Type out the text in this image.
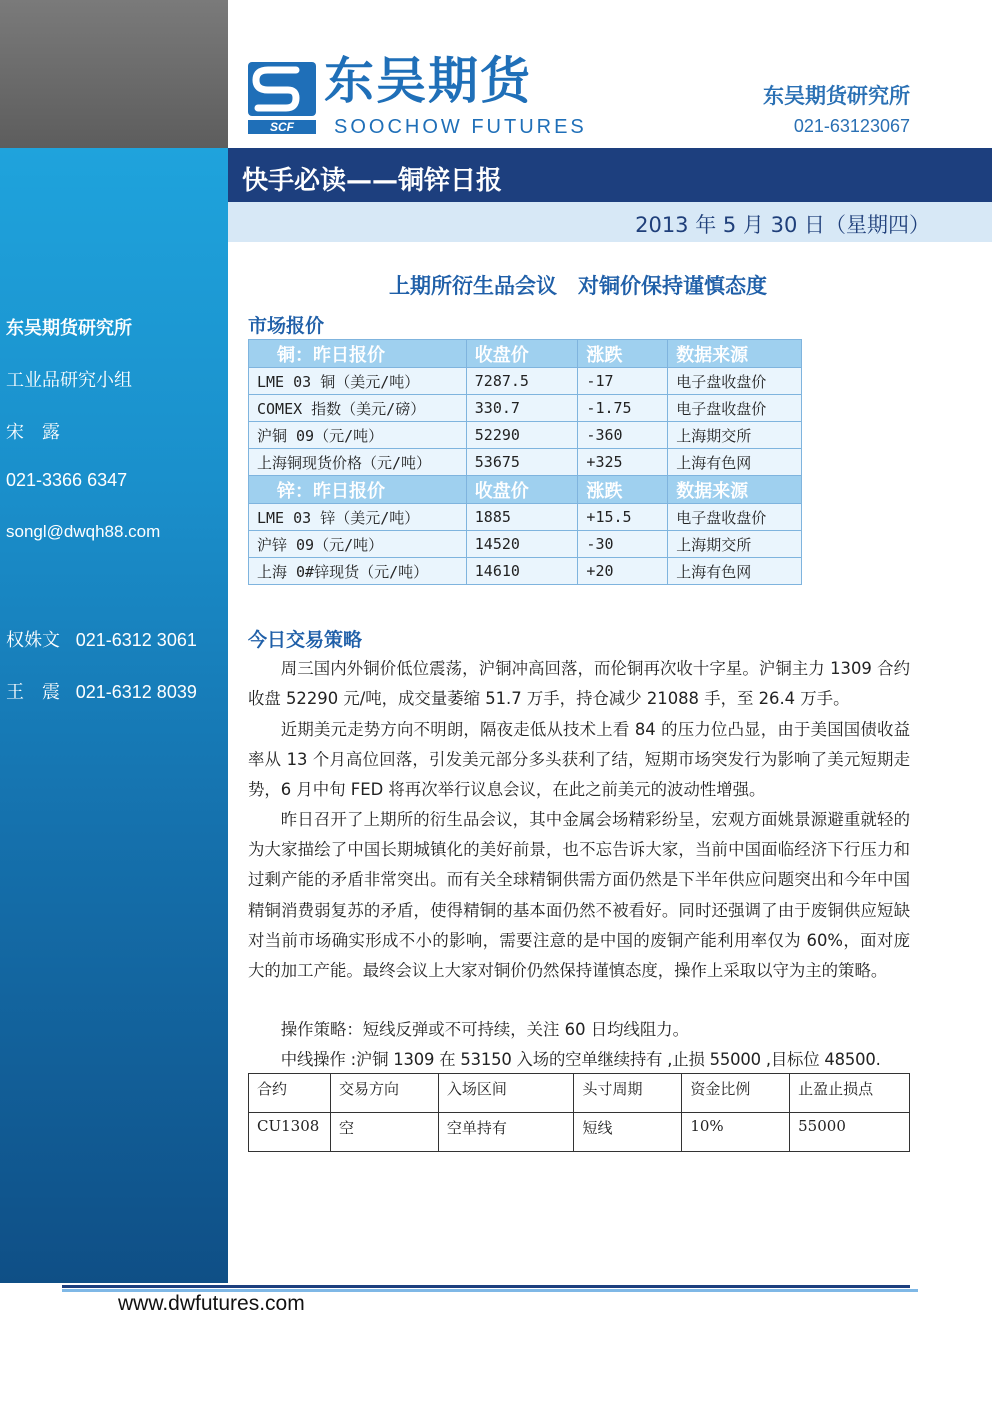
东吴期货研究所
工业品研究小组
宋　露
021-3366 6347
songl@dwqh88.com
权姝文 021-6312 3061
王　震 021-6312 8039
SCF
东吴期货
SOOCHOW FUTURES
东吴期货研究所
021-63123067
快手必读——铜锌日报
2013 年 5 月 30 日（星期四）
上期所衍生品会议　对铜价保持谨慎态度
市场报价
铜：昨日报价	收盘价	涨跌	数据来源
LME 03 铜（美元/吨）	7287.5	-17	电子盘收盘价
COMEX 指数（美元/磅）	330.7	-1.75	电子盘收盘价
沪铜 09（元/吨）	52290	-360	上海期交所
上海铜现货价格（元/吨）	53675	+325	上海有色网
锌：昨日报价	收盘价	涨跌	数据来源
LME 03 锌（美元/吨）	1885	+15.5	电子盘收盘价
沪锌 09（元/吨）	14520	-30	上海期交所
上海 0#锌现货（元/吨）	14610	+20	上海有色网
今日交易策略
周三国内外铜价低位震荡，沪铜冲高回落，而伦铜再次收十字星。沪铜主力 1309 合约收盘 52290 元/吨，成交量萎缩 51.7 万手，持仓减少 21088 手，至 26.4 万手。
近期美元走势方向不明朗，隔夜走低从技术上看 84 的压力位凸显，由于美国国债收益率从 13 个月高位回落，引发美元部分多头获利了结，短期市场突发行为影响了美元短期走势，6 月中旬 FED 将再次举行议息会议，在此之前美元的波动性增强。
昨日召开了上期所的衍生品会议，其中金属会场精彩纷呈，宏观方面姚景源避重就轻的为大家描绘了中国长期城镇化的美好前景，也不忘告诉大家，当前中国面临经济下行压力和过剩产能的矛盾非常突出。而有关全球精铜供需方面仍然是下半年供应问题突出和今年中国精铜消费弱复苏的矛盾，使得精铜的基本面仍然不被看好。同时还强调了由于废铜供应短缺对当前市场确实形成不小的影响，需要注意的是中国的废铜产能利用率仅为 60%，面对庞大的加工产能。最终会议上大家对铜价仍然保持谨慎态度，操作上采取以守为主的策略。
操作策略：短线反弹或不可持续，关注 60 日均线阻力。
中线操作 :沪铜 1309 在 53150 入场的空单继续持有 ,止损 55000 ,目标位 48500.
合约	交易方向	入场区间	头寸周期	资金比例	止盈止损点
CU1308	空	空单持有	短线	10%	55000
www.dwfutures.com
